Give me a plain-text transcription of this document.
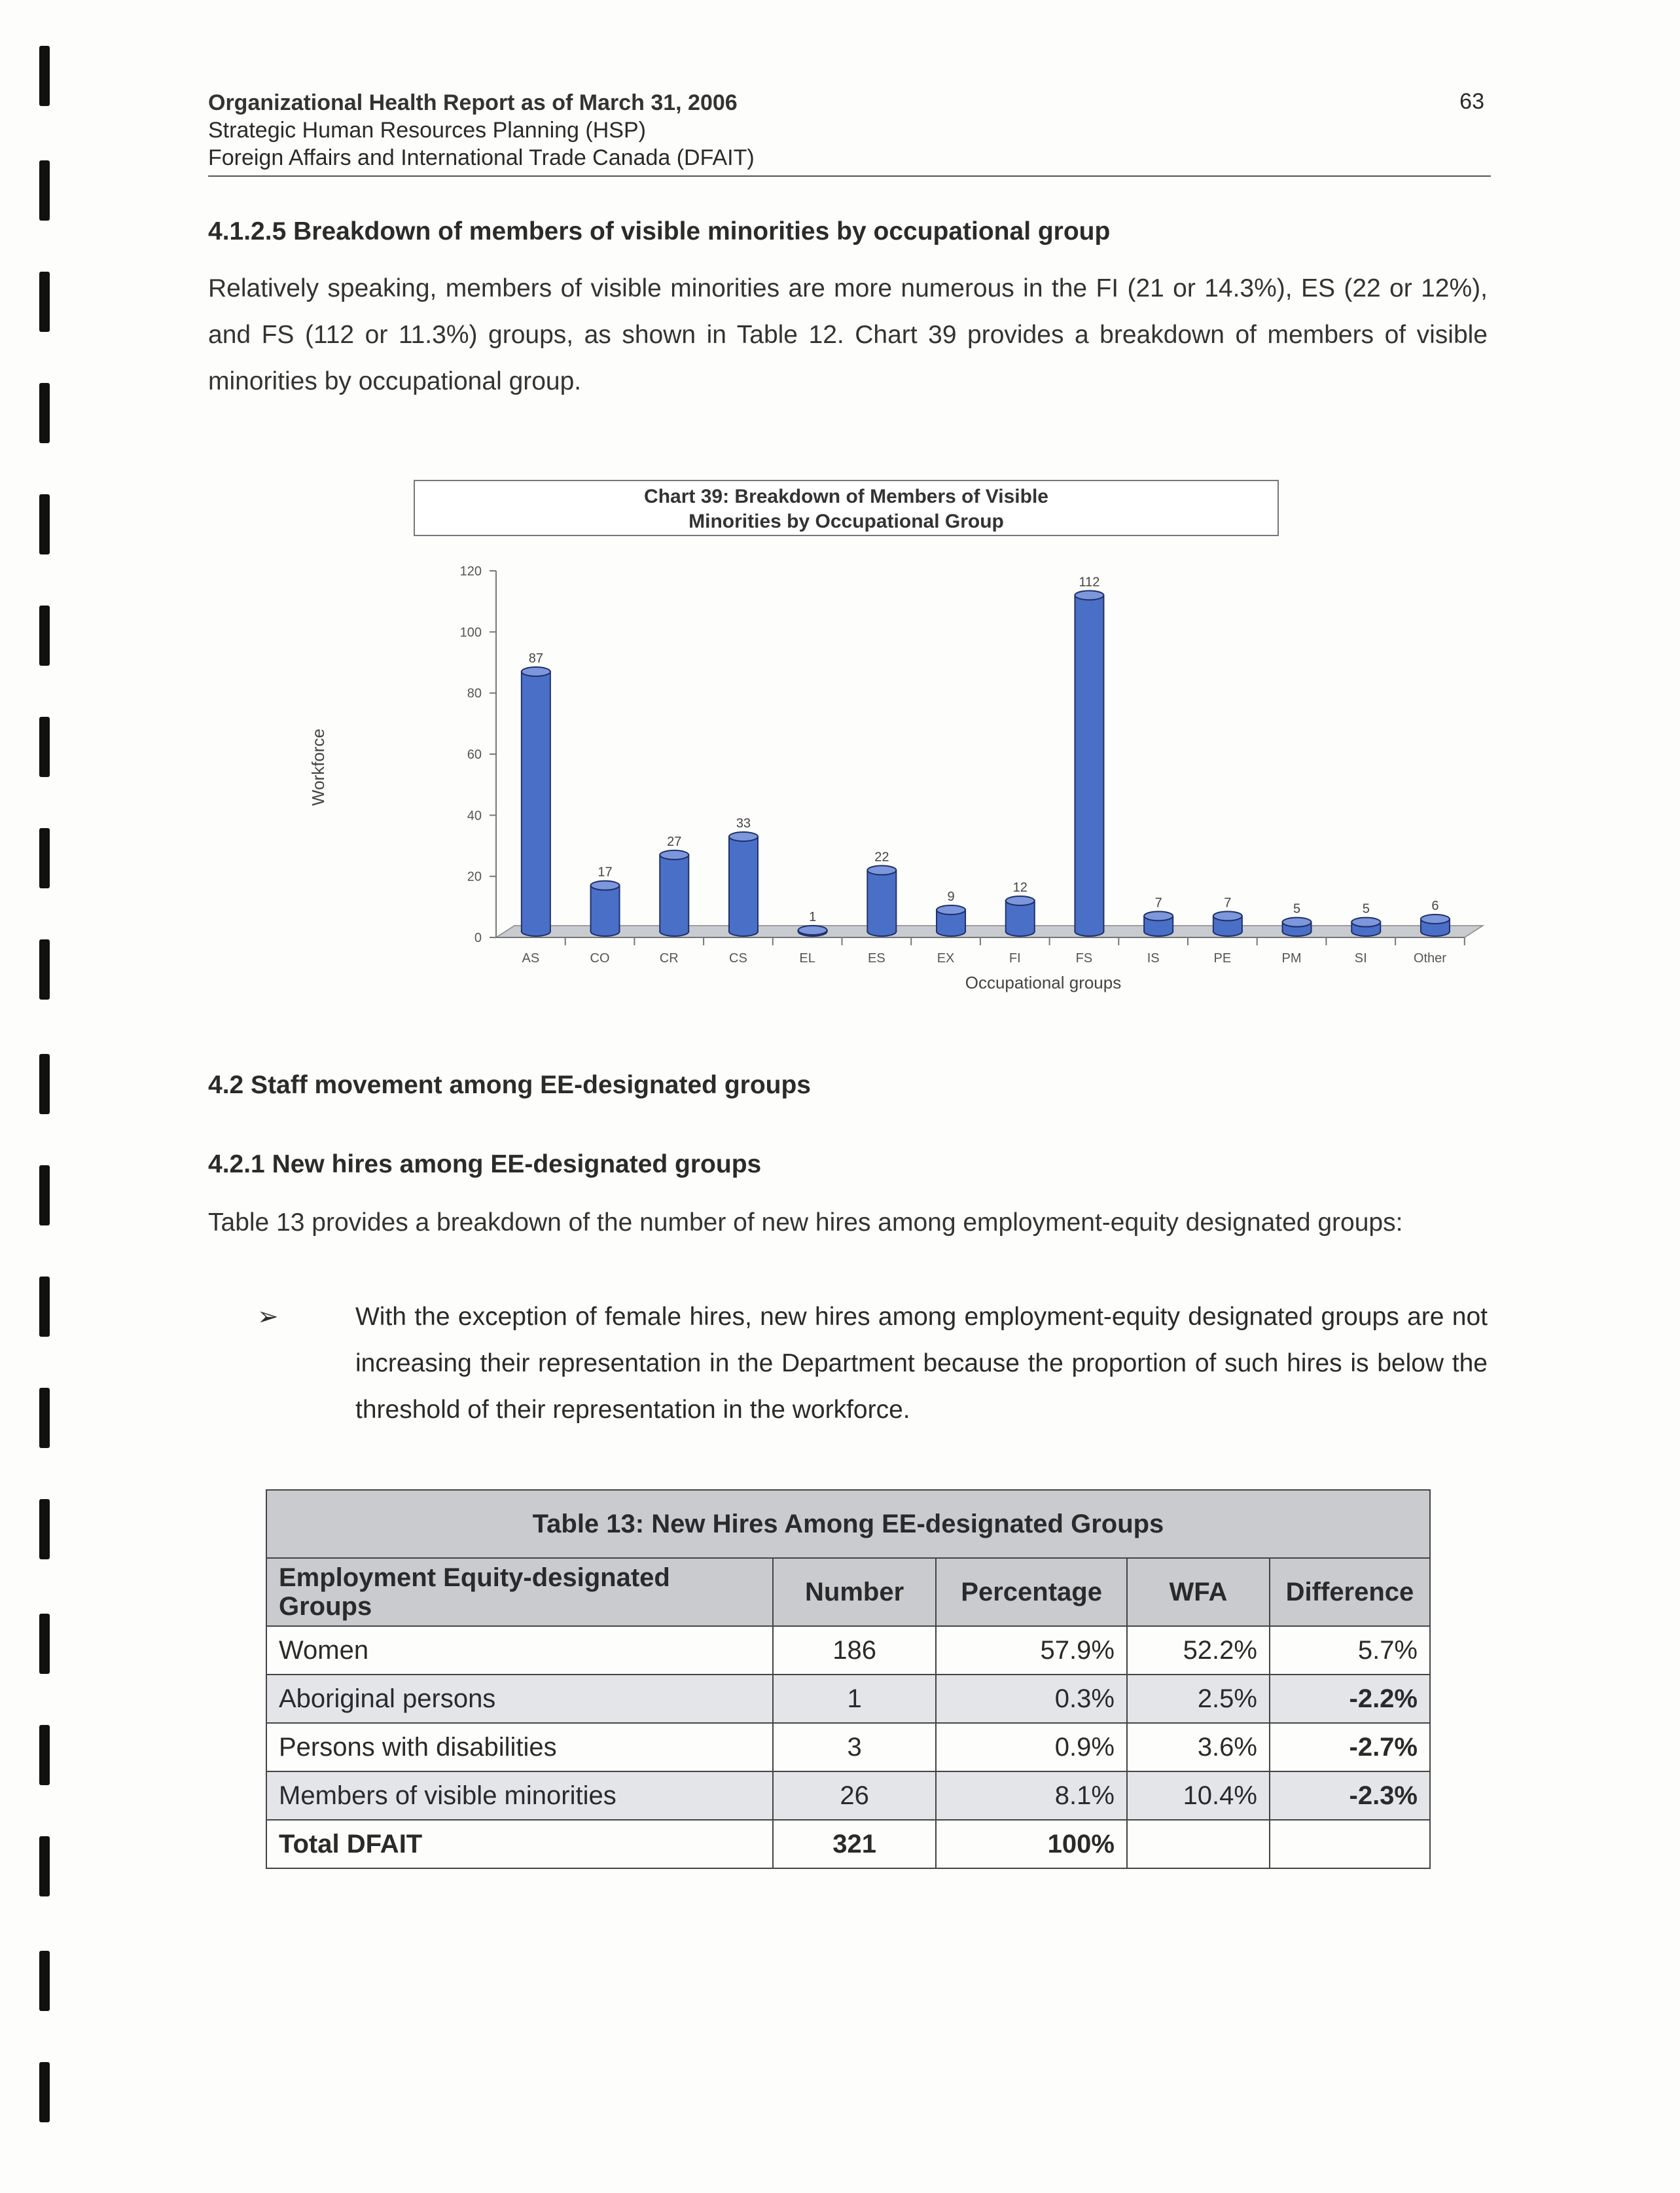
Organizational Health Report as of March 31, 2006
Strategic Human Resources Planning (HSP)
Foreign Affairs and International Trade Canada (DFAIT)
63
4.1.2.5 Breakdown of members of visible minorities by occupational group
Relatively speaking, members of visible minorities are more numerous in the FI (21 or 14.3%), ES (22 or 12%), and FS (112 or 11.3%) groups, as shown in Table 12. Chart 39 provides a breakdown of members of visible minorities by occupational group.
Chart 39: Breakdown of Members of Visible
Minorities by Occupational Group
Workforce
Occupational groups
0
20
40
60
80
100
120
AS
87
CO
17
CR
27
CS
33
EL
1
ES
22
EX
9
FI
12
FS
112
IS
7
PE
7
PM
5
SI
5
Other
6
4.2 Staff movement among EE-designated groups
4.2.1 New hires among EE-designated groups
Table 13 provides a breakdown of the number of new hires among employment-equity designated groups:
➢	With the exception of female hires, new hires among employment-equity designated groups are not increasing their representation in the Department because the proportion of such hires is below the threshold of their representation in the workforce.
Table 13: New Hires Among EE-designated Groups				
Employment Equity-designated Groups	Number	Percentage	WFA	Difference
Women	186	57.9%	52.2%	5.7%
Aboriginal persons	1	0.3%	2.5%	-2.2%
Persons with disabilities	3	0.9%	3.6%	-2.7%
Members of visible minorities	26	8.1%	10.4%	-2.3%
Total DFAIT	321	100%		
